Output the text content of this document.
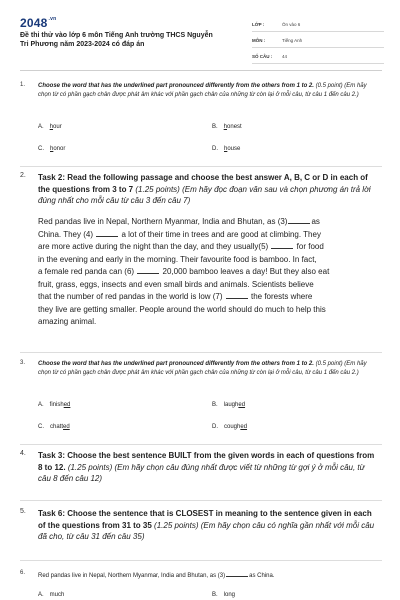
$2048^{.vn}$
Đề thi thử vào lớp 6 môn Tiếng Anh trường THCS Nguyễn
Tri Phương năm 2023-2024 có đáp án
LỚP :	Ôn vào 6
MÔN :	Tiếng Anh
SỐ CÂU :	44
1. Choose the word that has the underlined part pronounced differently from the others from 1 to 2. (0.5 point) (Em hãy chọn từ có phần gạch chân được phát âm khác với phần gạch chân của những từ còn lại ở mỗi câu, từ câu 1 đến câu 2.)
A. hour	B. honest
C. honor	D. house
2. Task 2: Read the following passage and choose the best answer A, B, C or D in each of the questions from 3 to 7 (1.25 points) (Em hãy đọc đoạn văn sau và chọn phương án trả lời đúng nhất cho mỗi câu từ câu 3 đến câu 7)
Red pandas live in Nepal, Northern Myanmar, India and Bhutan, as (3)	as
China. They (4)	a lot of their time in trees and are good at climbing. They
are more active during the night than the day, and they usually(5)	for food
in the evening and early in the morning. Their favourite food is bamboo. In fact,
a female red panda can (6)	20,000 bamboo leaves a day! But they also eat
fruit, grass, eggs, insects and even small birds and animals. Scientists believe
that the number of red pandas in the world is low (7)	the forests where
they live are getting smaller. People around the world should do much to help this
amazing animal.
3. Choose the word that has the underlined part pronounced differently from the others from 1 to 2. (0.5 point) (Em hãy chọn từ có phần gạch chân được phát âm khác với phần gạch chân của những từ còn lại ở mỗi câu, từ câu 1 đến câu 2.)
A. finished	B. laughed
C. chatted	D. coughed
4. Task 3: Choose the best sentence BUILT from the given words in each of questions from 8 to 12. (1.25 points) (Em hãy chọn câu đúng nhất được viết từ những từ gợi ý ở mỗi câu, từ câu 8 đến câu 12)
5. Task 6: Choose the sentence that is CLOSEST in meaning to the sentence given in each of the questions from 31 to 35 (1.25 points) (Em hãy chọn câu có nghĩa gần nhất với mỗi câu đã cho, từ câu 31 đến câu 35)
6. Red pandas live in Nepal, Northern Myanmar, India and Bhutan, as (3)	as China.
A. much	B. long
